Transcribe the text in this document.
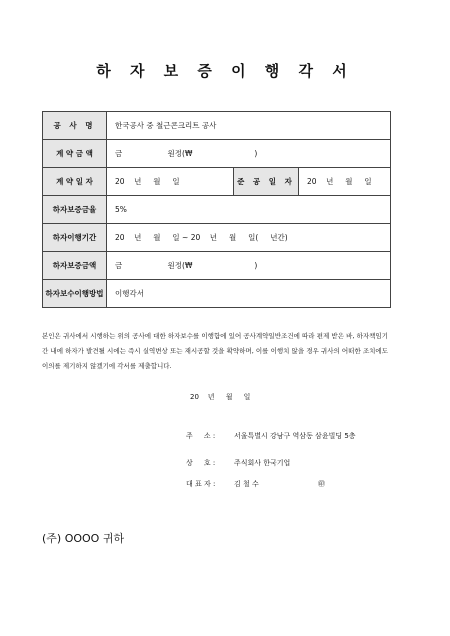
하 자 보 증 이 행 각 서
공 사 명	한국공사 중 철근콘크리트 공사		
계 약 금 액	금                   원정(₩                          )		
계 약 일 자	20    년     월     일	준 공 일 자	20    년     월     일
하자보증금율	5%		
하자이행기간	20    년     월     일 ~ 20    년     월     일(     년간)		
하자보증금액	금                   원정(₩                          )		
하자보수이행방법	이행각서		
본인은 귀사에서 시행하는 위의 공사에 대한 하자보수를 이행함에 있어 공사계약일반조건에 따라 편제 받은 바, 하자책임기간 내에 하자가 발견될 시에는 즉시 실역변상 또는 재시공할 것을 확약하며, 이를 이행치 않을 경우 귀사의 어떠한 조치에도 이의를 제기하지 않겠기에 각서를 제출합니다.
20    년     월     일
주     소 :	서울특별시 강남구 역삼동 삼윤빌딩 5층
상     호 :	주식회사 한국기업
대 표 자 :	김 철 수	㊞
(주) OOOO 귀하
